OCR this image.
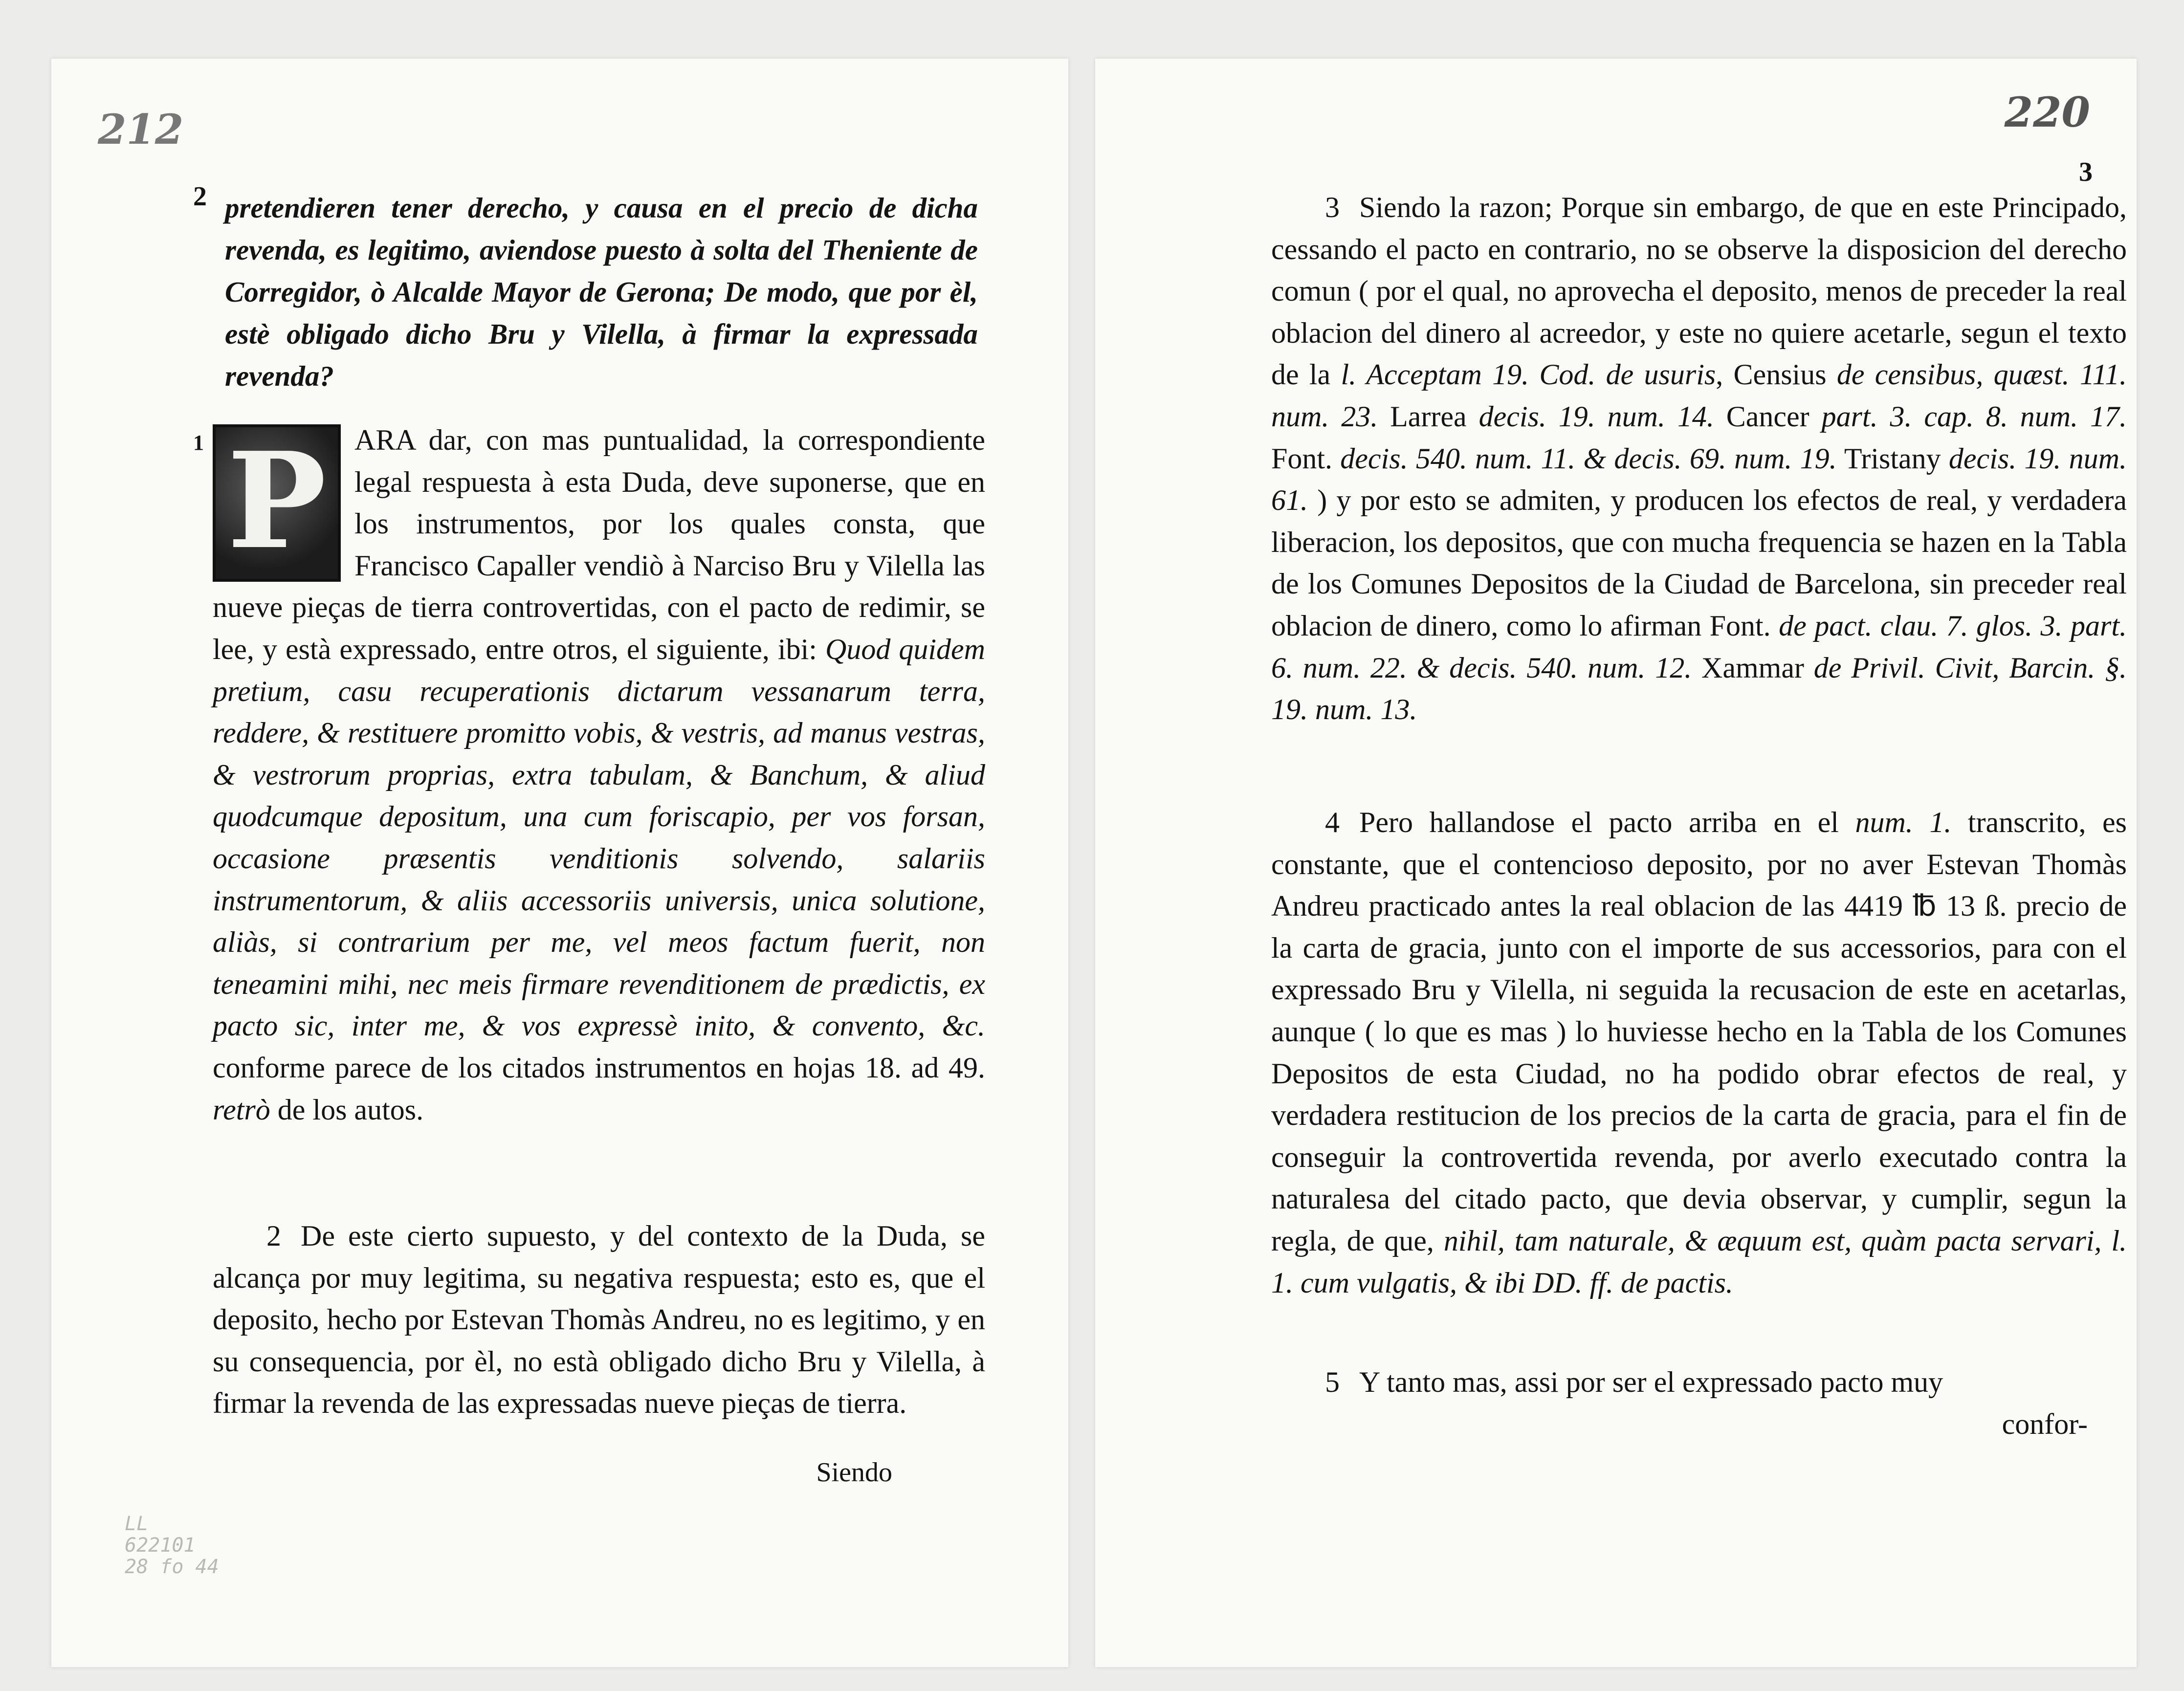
212
2 pretendieren tener derecho, y causa en el precio de dicha revenda, es legitimo, aviendose puesto à solta del Theniente de Corregidor, ò Alcalde Mayor de Gerona; De modo, que por èl, estè obligado dicho Bru y Vilella, à firmar la expressada revenda?

P ARA dar, con mas puntualidad, la correspondiente legal respuesta à esta Duda, deve suponerse, que en los instrumentos, por los quales consta, que Francisco Capaller vendiò à Narciso Bru y Vilella las nueve pieças de tierra controvertidas, con el pacto de redimir, se lee, y està expressado, entre otros, el siguiente, ibi: Quod quidem pretium, casu recuperationis dictarum vessanarum terra, reddere, & restituere promitto vobis, & vestris, ad manus vestras, & vestrorum proprias, extra tabulam, & Banchum, & aliud quodcumque depositum, una cum foriscapio, per vos forsan, occasione præsentis venditionis solvendo, salariis instrumentorum, & aliis accessoriis universis, unica solutione, aliàs, si contrarium per me, vel meos factum fuerit, non teneamini mihi, nec meis firmare revenditionem de prædictis, ex pacto sic, inter me, & vos expressè inito, & convento, &c. conforme parece de los citados instrumentos en hojas 18. ad 49. retrò de los autos.

1

2 De este cierto supuesto, y del contexto de la Duda, se alcança por muy legitima, su negativa respuesta; esto es, que el deposito, hecho por Estevan Thomàs Andreu, no es legitimo, y en su consequencia, por èl, no està obligado dicho Bru y Vilella, à firmar la revenda de las expressadas nueve pieças de tierra.

Siendo
LL
622101
28 fo 44
220
3

3 Siendo la razon; Porque sin embargo, de que en este Principado, cessando el pacto en contrario, no se observe la disposicion del derecho comun ( por el qual, no aprovecha el deposito, menos de preceder la real oblacion del dinero al acreedor, y este no quiere acetarle, segun el texto de la l. Acceptam 19. Cod. de usuris, Censius de censibus, quæst. 111. num. 23. Larrea decis. 19. num. 14. Cancer part. 3. cap. 8. num. 17. Font. decis. 540. num. 11. & decis. 69. num. 19. Tristany decis. 19. num. 61. ) y por esto se admiten, y producen los efectos de real, y verdadera liberacion, los depositos, que con mucha frequencia se hazen en la Tabla de los Comunes Depositos de la Ciudad de Barcelona, sin preceder real oblacion de dinero, como lo afirman Font. de pact. clau. 7. glos. 3. part. 6. num. 22. & decis. 540. num. 12. Xammar de Privil. Civit, Barcin. §. 19. num. 13.

4 Pero hallandose el pacto arriba en el num. 1. transcrito, es constante, que el contencioso deposito, por no aver Estevan Thomàs Andreu practicado antes la real oblacion de las 4419 ℔ 13 ß. precio de la carta de gracia, junto con el importe de sus accessorios, para con el expressado Bru y Vilella, ni seguida la recusacion de este en acetarlas, aunque ( lo que es mas ) lo huviesse hecho en la Tabla de los Comunes Depositos de esta Ciudad, no ha podido obrar efectos de real, y verdadera restitucion de los precios de la carta de gracia, para el fin de conseguir la controvertida revenda, por averlo executado contra la naturalesa del citado pacto, que devia observar, y cumplir, segun la regla, de que, nihil, tam naturale, & æquum est, quàm pacta servari, l. 1. cum vulgatis, & ibi DD. ff. de pactis.

5 Y tanto mas, assi por ser el expressado pacto muy

confor-
